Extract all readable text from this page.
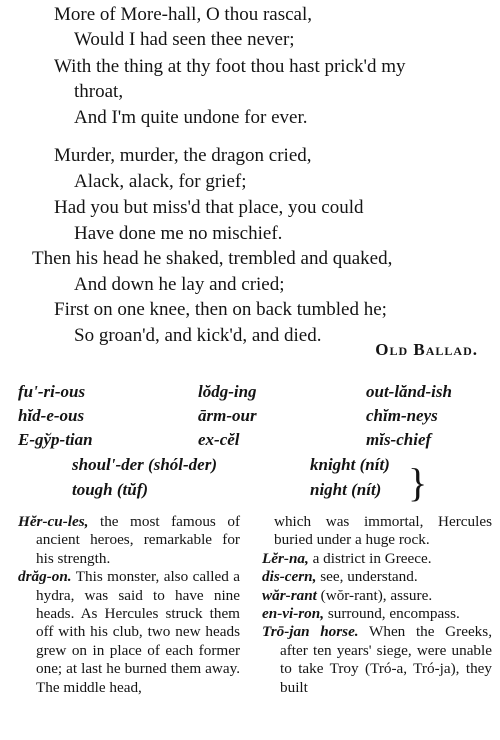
More of More-hall, O thou rascal,
Would I had seen thee never;
With the thing at thy foot thou hast prick'd my
throat,
And I'm quite undone for ever.
Murder, murder, the dragon cried,
Alack, alack, for grief;
Had you but miss'd that place, you could
Have done me no mischief.
Then his head he shaked, trembled and quaked,
And down he lay and cried;
First on one knee, then on back tumbled he;
So groan'd, and kick'd, and died.
Old Ballad.
fu'-ri-ous	lŏdg-ing	out-lănd-ish
hĭd-e-ous	ārm-our	chĭm-neys
E-gўp-tian	ex-cĕl	mĭs-chief
shoul'-der (shól-der)	knight (nít)
tough (tŭf)	night (nít) }

Hĕr-cu-les, the most famous of ancient heroes, remarkable for his strength.

drăg-on. This monster, also called a hydra, was said to have nine heads. As Hercules struck them off with his club, two new heads grew on in place of each former one; at last he burned them away. The middle head,

which was immortal, Hercules buried under a huge rock.

Lĕr-na, a district in Greece.

dis-cern, see, understand.

wăr-rant (wŏr-rant), assure.

en-vi-ron, surround, encompass.

Trō-jan horse. When the Greeks, after ten years' siege, were unable to take Troy (Tró-a, Tró-ja), they built
